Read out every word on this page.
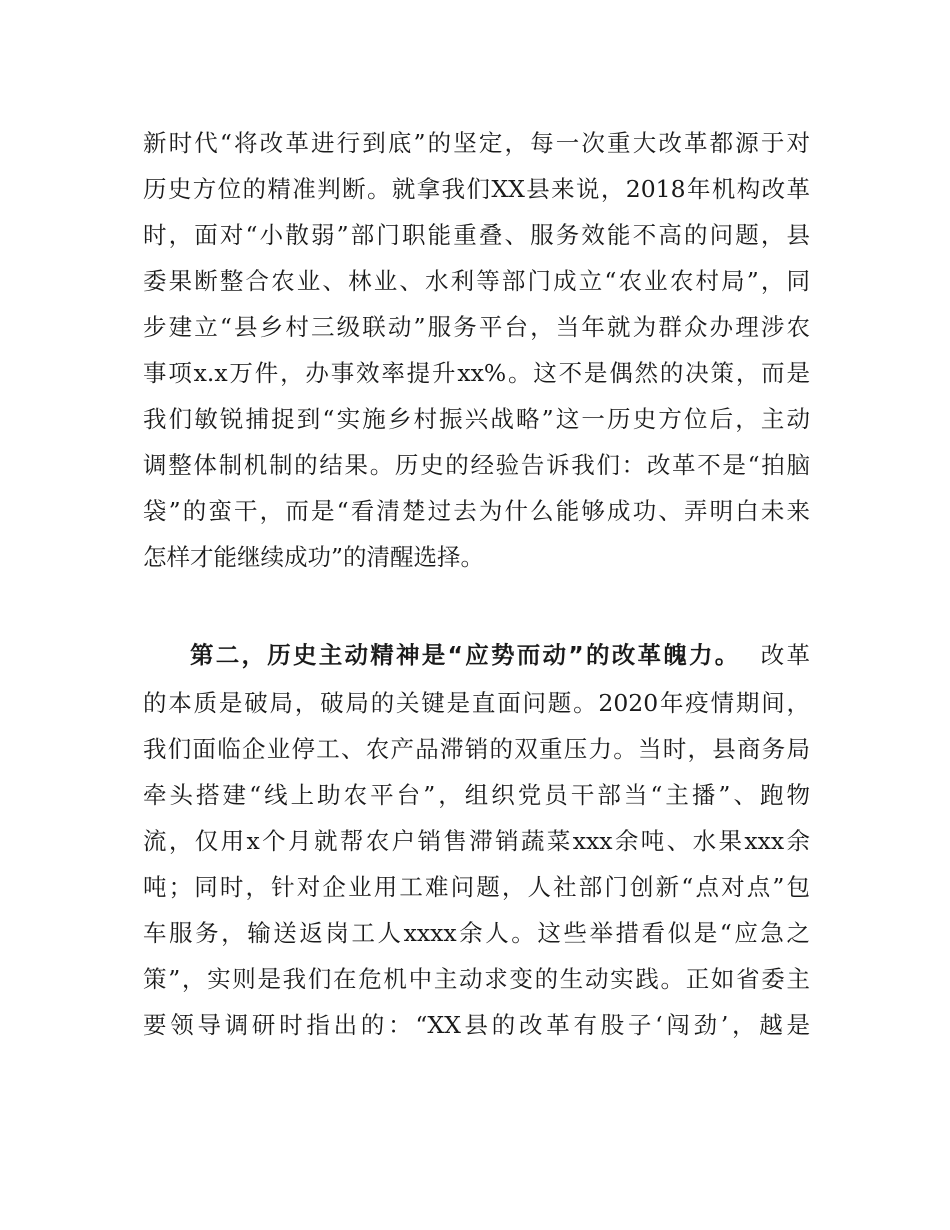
新时代“将改革进行到底”的坚定，每一次重大改革都源于对
历史方位的精准判断。就拿我们XX县来说，2018年机构改革
时，面对“小散弱”部门职能重叠、服务效能不高的问题，县
委果断整合农业、林业、水利等部门成立“农业农村局”，同
步建立“县乡村三级联动”服务平台，当年就为群众办理涉农
事项x.x万件，办事效率提升xx%。这不是偶然的决策，而是
我们敏锐捕捉到“实施乡村振兴战略”这一历史方位后，主动
调整体制机制的结果。历史的经验告诉我们：改革不是“拍脑
袋”的蛮干，而是“看清楚过去为什么能够成功、弄明白未来
怎样才能继续成功”的清醒选择。
第二，历史主动精神是“应势而动”的改革魄力。 改革
的本质是破局，破局的关键是直面问题。2020年疫情期间，
我们面临企业停工、农产品滞销的双重压力。当时，县商务局
牵头搭建“线上助农平台”，组织党员干部当“主播”、跑物
流，仅用x个月就帮农户销售滞销蔬菜xxx余吨、水果xxx余
吨；同时，针对企业用工难问题，人社部门创新“点对点”包
车服务，输送返岗工人xxxx余人。这些举措看似是“应急之
策”，实则是我们在危机中主动求变的生动实践。正如省委主
要领导调研时指出的：“XX县的改革有股子‘闯劲’，越是
